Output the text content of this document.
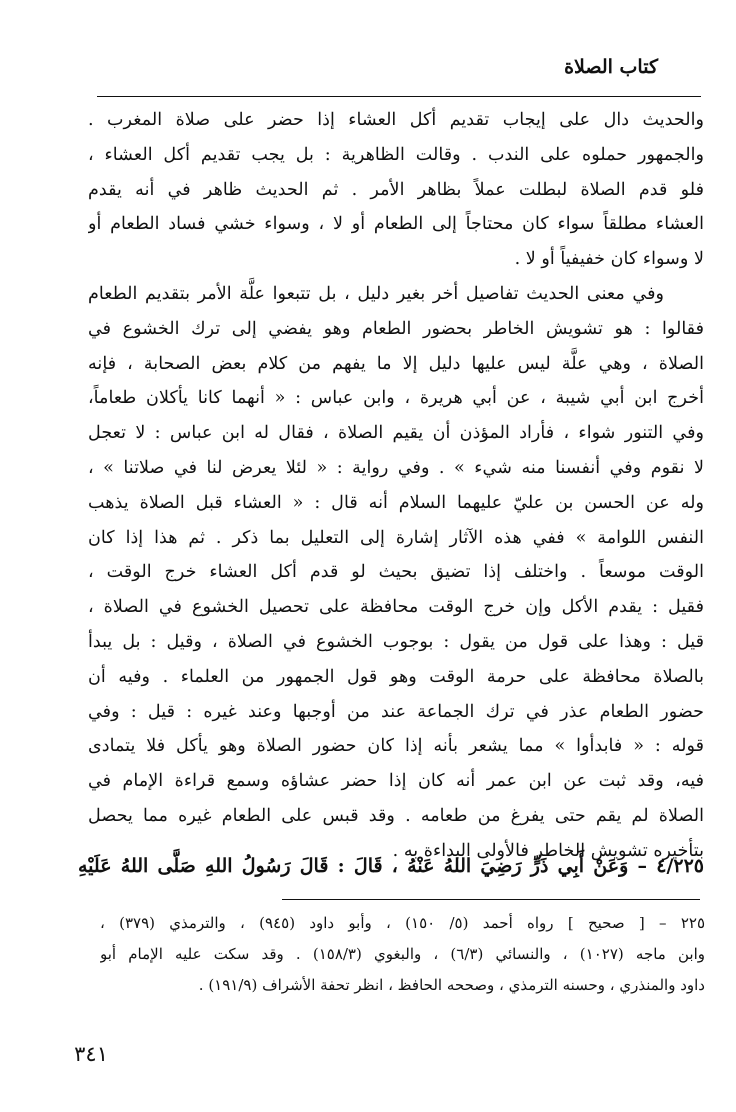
كتاب الصلاة

والحديث دال على إيجاب تقديم أكل العشاء إذا حضر على صلاة المغرب .
والجمهور حملوه على الندب . وقالت الظاهرية : بل يجب تقديم أكل العشاء ،
فلو قدم الصلاة لبطلت عملاً بظاهر الأمر . ثم الحديث ظاهر في أنه يقدم
العشاء مطلقاً سواء كان محتاجاً إلى الطعام أو لا ، وسواء خشي فساد الطعام أو
لا وسواء كان خفيفياً أو لا .
وفي معنى الحديث تفاصيل أخر بغير دليل ، بل تتبعوا علَّة الأمر بتقديم الطعام
فقالوا : هو تشويش الخاطر بحضور الطعام وهو يفضي إلى ترك الخشوع في
الصلاة ، وهي علَّة ليس عليها دليل إلا ما يفهم من كلام بعض الصحابة ، فإنه
أخرج ابن أبي شيبة ، عن أبي هريرة ، وابن عباس : « أنهما كانا يأكلان طعاماً،
وفي التنور شواء ، فأراد المؤذن أن يقيم الصلاة ، فقال له ابن عباس : لا تعجل
لا نقوم وفي أنفسنا منه شيء » . وفي رواية : « لئلا يعرض لنا في صلاتنا » ،
وله عن الحسن بن عليّ عليهما السلام أنه قال : « العشاء قبل الصلاة يذهب
النفس اللوامة » ففي هذه الآثار إشارة إلى التعليل بما ذكر . ثم هذا إذا كان
الوقت موسعاً . واختلف إذا تضيق بحيث لو قدم أكل العشاء خرج الوقت ،
فقيل : يقدم الأكل وإن خرج الوقت محافظة على تحصيل الخشوع في الصلاة ،
قيل : وهذا على قول من يقول : بوجوب الخشوع في الصلاة ، وقيل : بل يبدأ
بالصلاة محافظة على حرمة الوقت وهو قول الجمهور من العلماء . وفيه أن
حضور الطعام عذر في ترك الجماعة عند من أوجبها وعند غيره : قيل : وفي
قوله : « فابدأوا » مما يشعر بأنه إذا كان حضور الصلاة وهو يأكل فلا يتمادى
فيه، وقد ثبت عن ابن عمر أنه كان إذا حضر عشاؤه وسمع قراءة الإمام في
الصلاة لم يقم حتى يفرغ من طعامه . وقد قبس على الطعام غيره مما يحصل
بتأخيره تشويش الخاطر فالأولى البداءة به .
٤/٢٢٥ – وَعَنْ أَبِي ذَرٍّ رَضِيَ اللهُ عَنْهُ ، قَالَ : قَالَ رَسُولُ اللهِ صَلَّى اللهُ عَلَيْهِ
٢٢٥ – [ صحيح ] رواه أحمد (٥/ ١٥٠) ، وأبو داود (٩٤٥) ، والترمذي (٣٧٩) ،
وابن ماجه (١٠٢٧) ، والنسائي (٦/٣) ، والبغوي (١٥٨/٣) . وقد سكت عليه الإمام أبو
داود والمنذري ، وحسنه الترمذي ، وصححه الحافظ ، انظر تحفة الأشراف (١٩١/٩) .

٣٤١
